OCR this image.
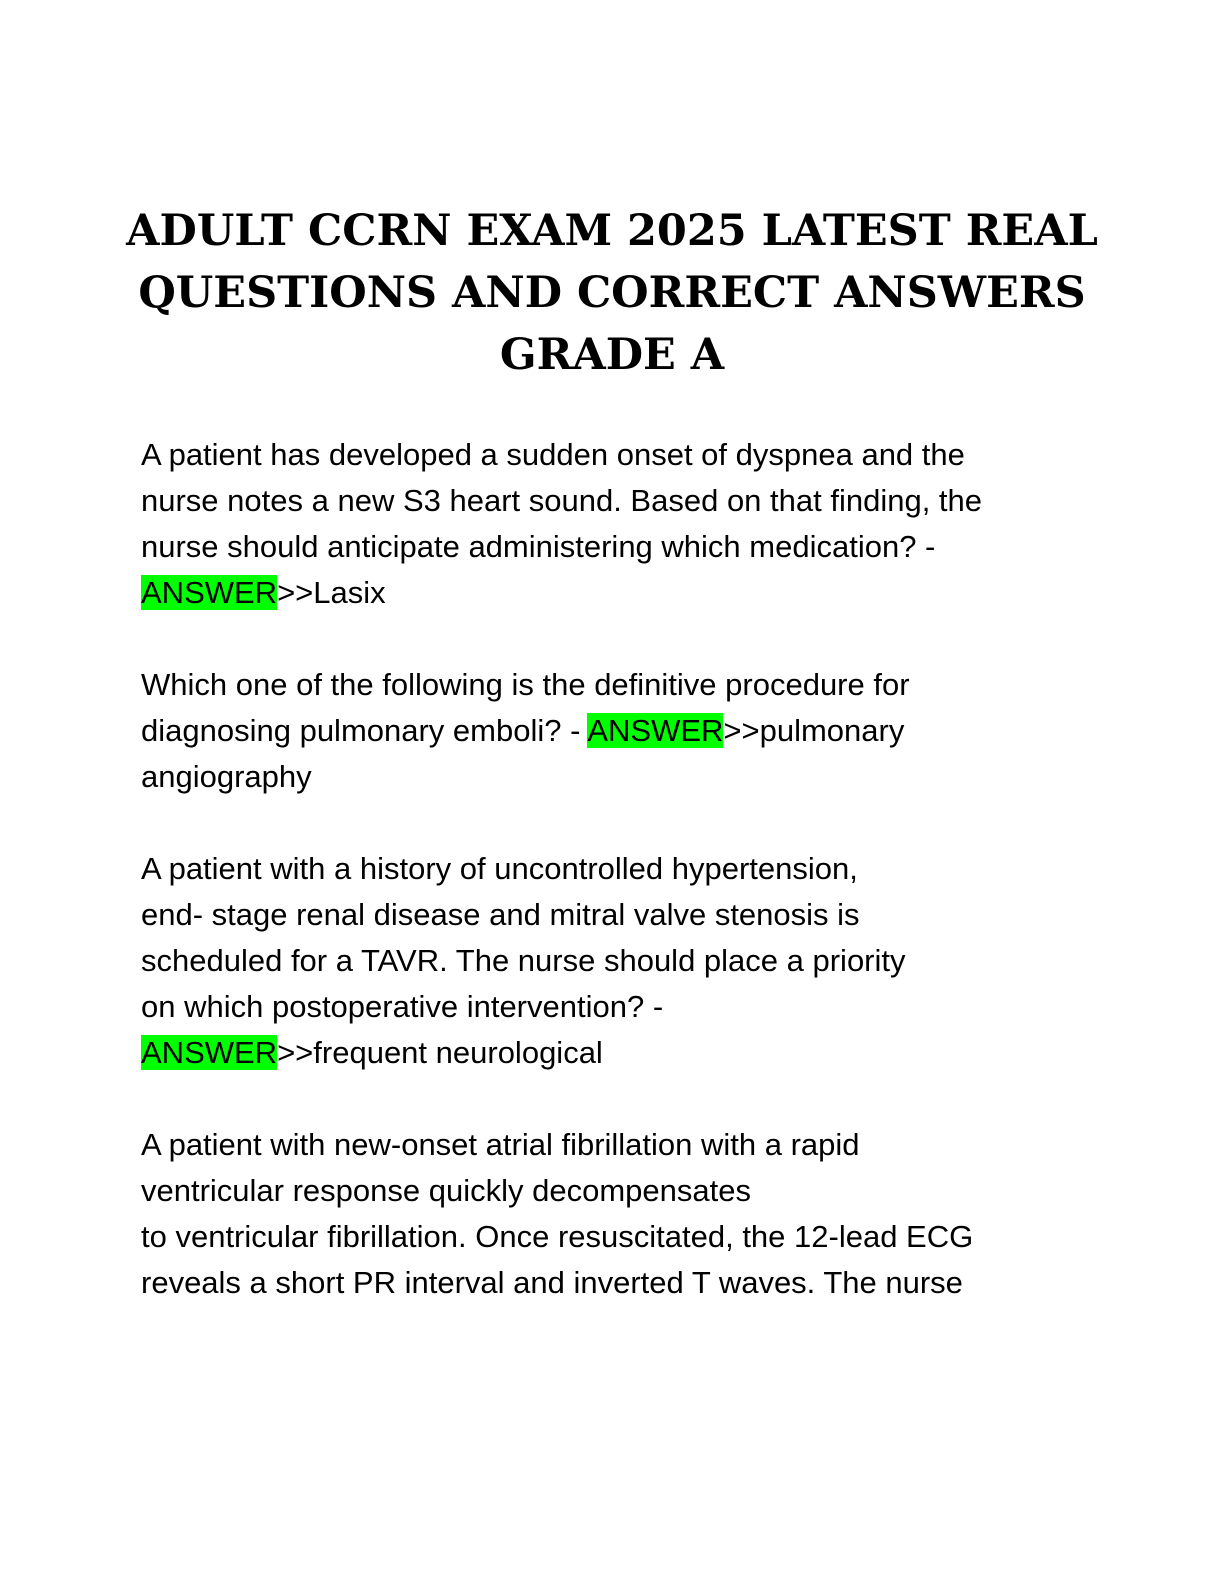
ADULT CCRN EXAM 2025 LATEST REAL
QUESTIONS AND CORRECT ANSWERS
GRADE A

A patient has developed a sudden onset of dyspnea and the
nurse notes a new S3 heart sound. Based on that finding, the
nurse should anticipate administering which medication? -
ANSWER>>Lasix

Which one of the following is the definitive procedure for
diagnosing pulmonary emboli? - ANSWER>>pulmonary
angiography

A patient with a history of uncontrolled hypertension,
end- stage renal disease and mitral valve stenosis is
scheduled for a TAVR. The nurse should place a priority
on which postoperative intervention? -
ANSWER>>frequent neurological

A patient with new-onset atrial fibrillation with a rapid
ventricular response quickly decompensates
to ventricular fibrillation. Once resuscitated, the 12-lead ECG
reveals a short PR interval and inverted T waves. The nurse
